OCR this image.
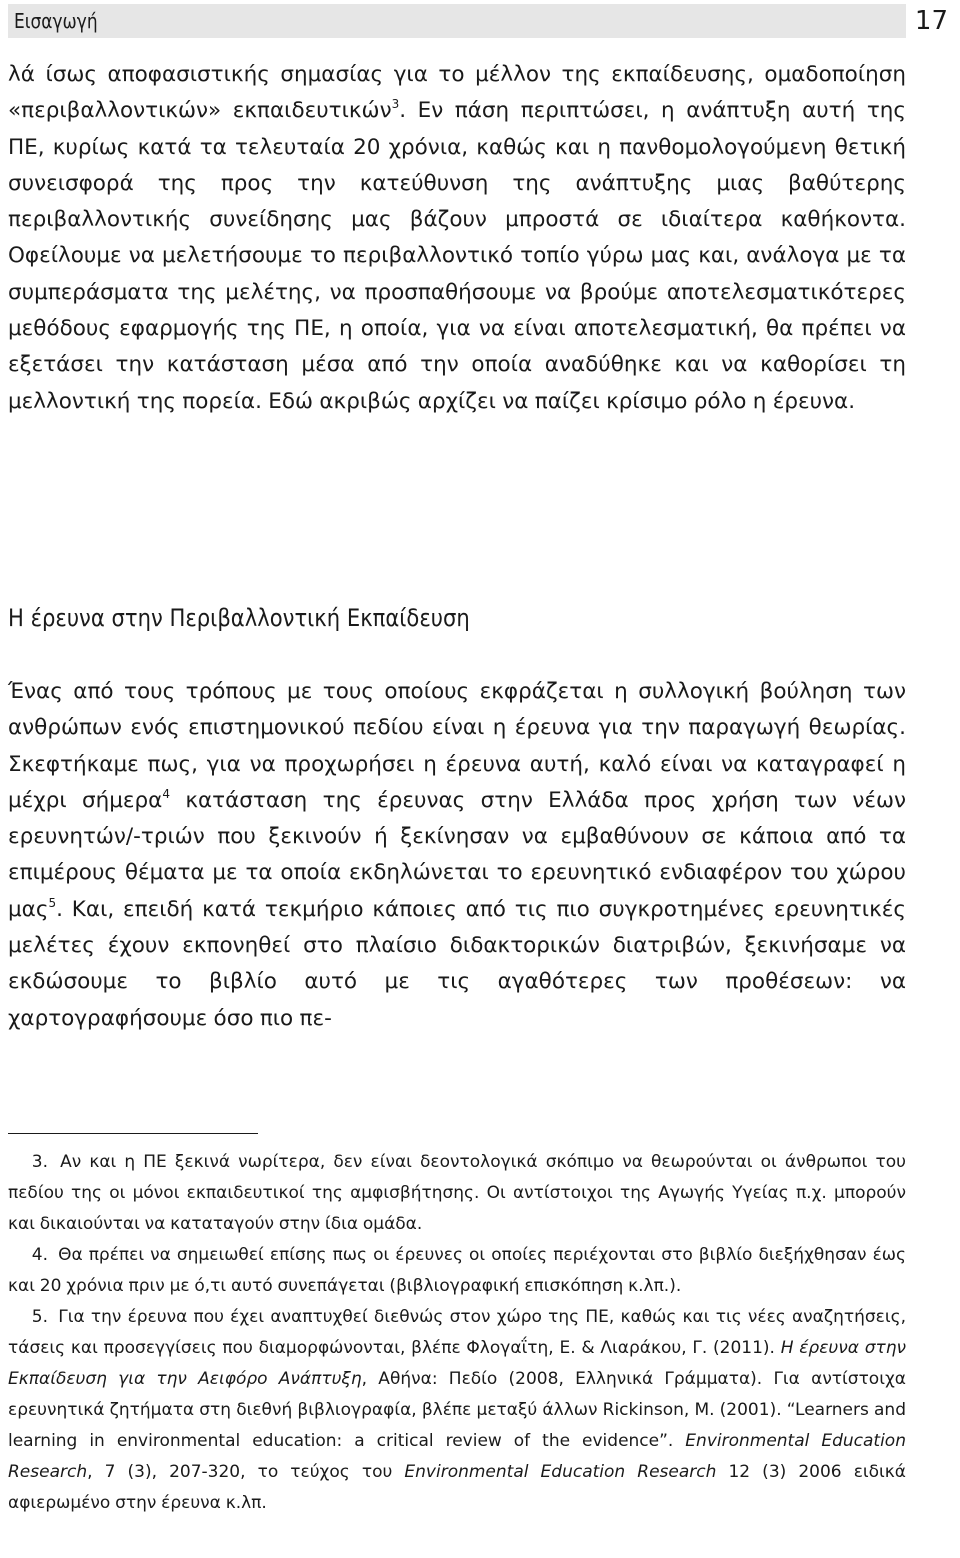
Εισαγωγή	17

λά ίσως αποφασιστικής σημασίας για το μέλλον της εκπαίδευσης, ομαδοποίηση «περιβαλλοντικών» εκπαιδευτικών$^3$. Εν πάση περιπτώσει, η ανάπτυξη αυτή της ΠΕ, κυρίως κατά τα τελευταία 20 χρόνια, καθώς και η πανθομολογούμενη θετική συνεισφορά της προς την κατεύθυνση της ανάπτυξης μιας βαθύτερης περιβαλλοντικής συνείδησης μας βάζουν μπροστά σε ιδιαίτερα καθήκοντα. Οφείλουμε να μελετήσουμε το περιβαλλοντικό τοπίο γύρω μας και, ανάλογα με τα συμπεράσματα της μελέτης, να προσπαθήσουμε να βρούμε αποτελεσματικότερες μεθόδους εφαρμογής της ΠΕ, η οποία, για να είναι αποτελεσματική, θα πρέπει να εξετάσει την κατάσταση μέσα από την οποία αναδύθηκε και να καθορίσει τη μελλοντική της πορεία. Εδώ ακριβώς αρχίζει να παίζει κρίσιμο ρόλο η έρευνα.

Η έρευνα στην Περιβαλλοντική Εκπαίδευση

Ένας από τους τρόπους με τους οποίους εκφράζεται η συλλογική βούληση των ανθρώπων ενός επιστημονικού πεδίου είναι η έρευνα για την παραγωγή θεωρίας. Σκεφτήκαμε πως, για να προχωρήσει η έρευνα αυτή, καλό είναι να καταγραφεί η μέχρι σήμερα$^4$ κατάσταση της έρευνας στην Ελλάδα προς χρήση των νέων ερευνητών/-τριών που ξεκινούν ή ξεκίνησαν να εμβαθύνουν σε κάποια από τα επιμέρους θέματα με τα οποία εκδηλώνεται το ερευνητικό ενδιαφέρον του χώρου μας$^5$. Και, επειδή κατά τεκμήριο κάποιες από τις πιο συγκροτημένες ερευνητικές μελέτες έχουν εκπονηθεί στο πλαίσιο διδακτορικών διατριβών, ξεκινήσαμε να εκδώσουμε το βιβλίο αυτό με τις αγαθότερες των προθέσεων: να χαρτογραφήσουμε όσο πιο πε-

3. Αν και η ΠΕ ξεκινά νωρίτερα, δεν είναι δεοντολογικά σκόπιμο να θεωρούνται οι άνθρωποι του πεδίου της οι μόνοι εκπαιδευτικοί της αμφισβήτησης. Οι αντίστοιχοι της Αγωγής Υγείας π.χ. μπορούν και δικαιούνται να καταταγούν στην ίδια ομάδα.

4. Θα πρέπει να σημειωθεί επίσης πως οι έρευνες οι οποίες περιέχονται στο βιβλίο διεξήχθησαν έως και 20 χρόνια πριν με ό,τι αυτό συνεπάγεται (βιβλιογραφική επισκόπηση κ.λπ.).

5. Για την έρευνα που έχει αναπτυχθεί διεθνώς στον χώρο της ΠΕ, καθώς και τις νέες αναζητήσεις, τάσεις και προσεγγίσεις που διαμορφώνονται, βλέπε Φλογαΐτη, Ε. & Λιαράκου, Γ. (2011). Η έρευνα στην Εκπαίδευση για την Αειφόρο Ανάπτυξη, Αθήνα: Πεδίο (2008, Ελληνικά Γράμματα). Για αντίστοιχα ερευνητικά ζητήματα στη διεθνή βιβλιογραφία, βλέπε μεταξύ άλλων Rickinson, M. (2001). “Learners and learning in environmental education: a critical review of the evidence”. Environmental Education Research, 7 (3), 207-320, το τεύχος του Environmental Education Research 12 (3) 2006 ειδικά αφιερωμένο στην έρευνα κ.λπ.
